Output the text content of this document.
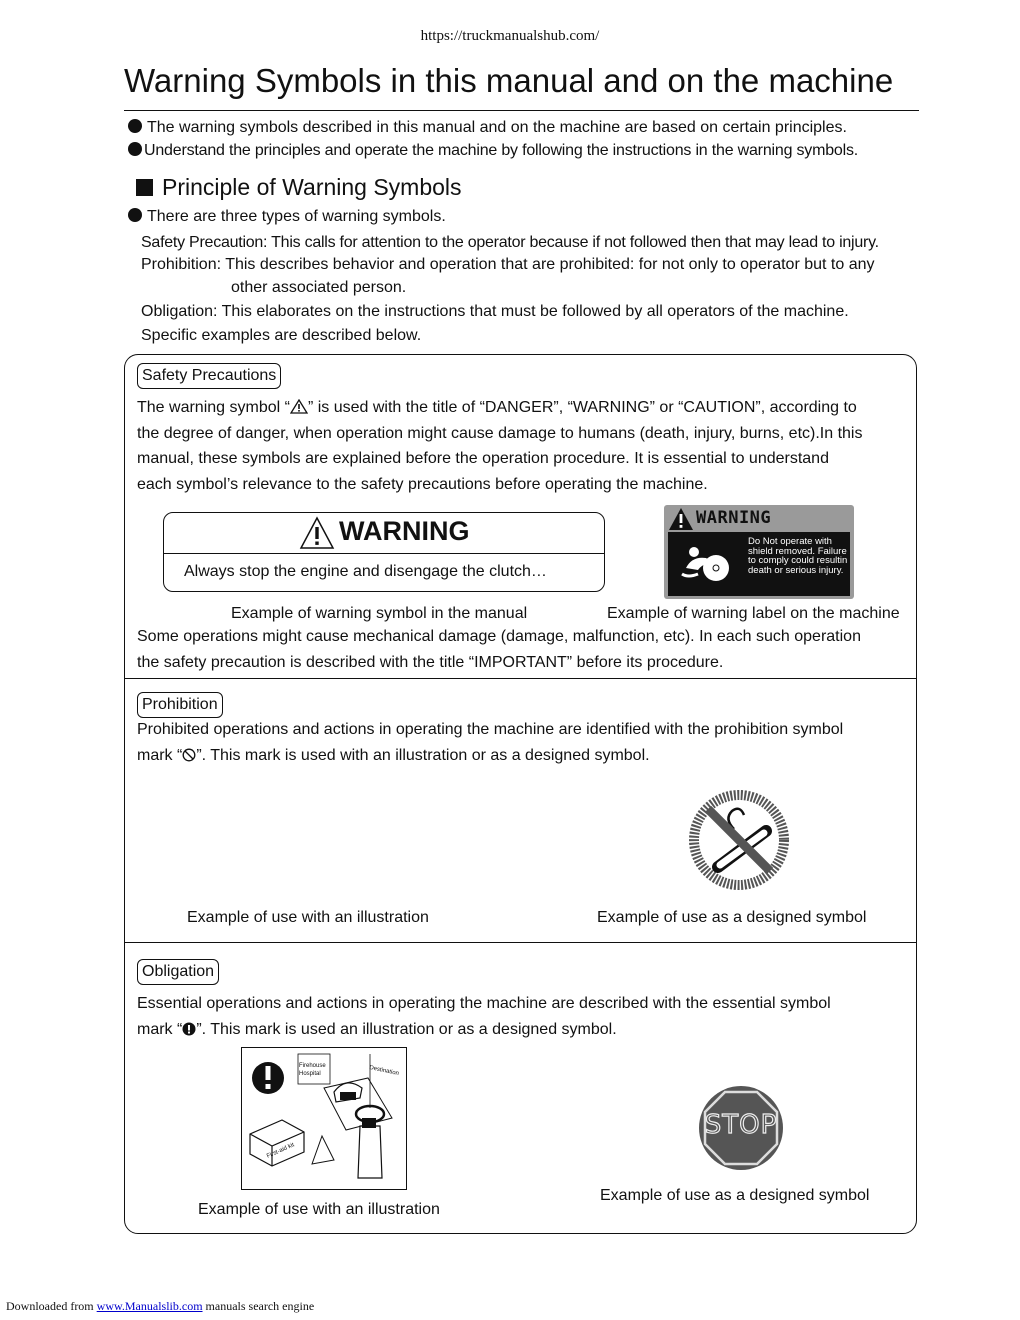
https://truckmanualshub.com/
Warning Symbols in this manual and on the machine
The warning symbols described in this manual and on the machine are based on certain principles.
Understand the principles and operate the machine by following the instructions in the warning symbols.
Principle of Warning Symbols
There are three types of warning symbols.
Safety Precaution: This calls for attention to the operator because if not followed then that may lead to injury.
Prohibition: This describes behavior and operation that are prohibited: for not only to operator but to any
other associated person.
Obligation: This elaborates on the instructions that must be followed by all operators of the machine.
Specific examples are described below.
Safety Precautions
The warning symbol “ ” is used with the title of “DANGER”, “WARNING” or “CAUTION”, according to
the degree of danger, when operation might cause damage to humans (death, injury, burns, etc).In this
manual, these symbols are explained before the operation procedure. It is essential to understand
each symbol’s relevance to the safety precautions before operating the machine.
WARNING
Always stop the engine and disengage the clutch…
WARNING
Do Not operate with shield removed. Failure to comply could resultin death or serious injury.
Example of warning symbol in the manual	Example of warning label on the machine
Some operations might cause mechanical damage (damage, malfunction, etc). In each such operation
the safety precaution is described with the title “IMPORTANT” before its procedure.
Prohibition
Prohibited operations and actions in operating the machine are identified with the prohibition symbol
mark “ ”. This mark is used with an illustration or as a designed symbol.
Example of use with an illustration	Example of use as a designed symbol
Obligation
Essential operations and actions in operating the machine are described with the essential symbol
mark “ ”. This mark is used an illustration or as a designed symbol.
Firehouse Hospital	Destination
First-aid kit
STOP
Example of use with an illustration
Example of use as a designed symbol
Downloaded from www.Manualslib.com manuals search engine
